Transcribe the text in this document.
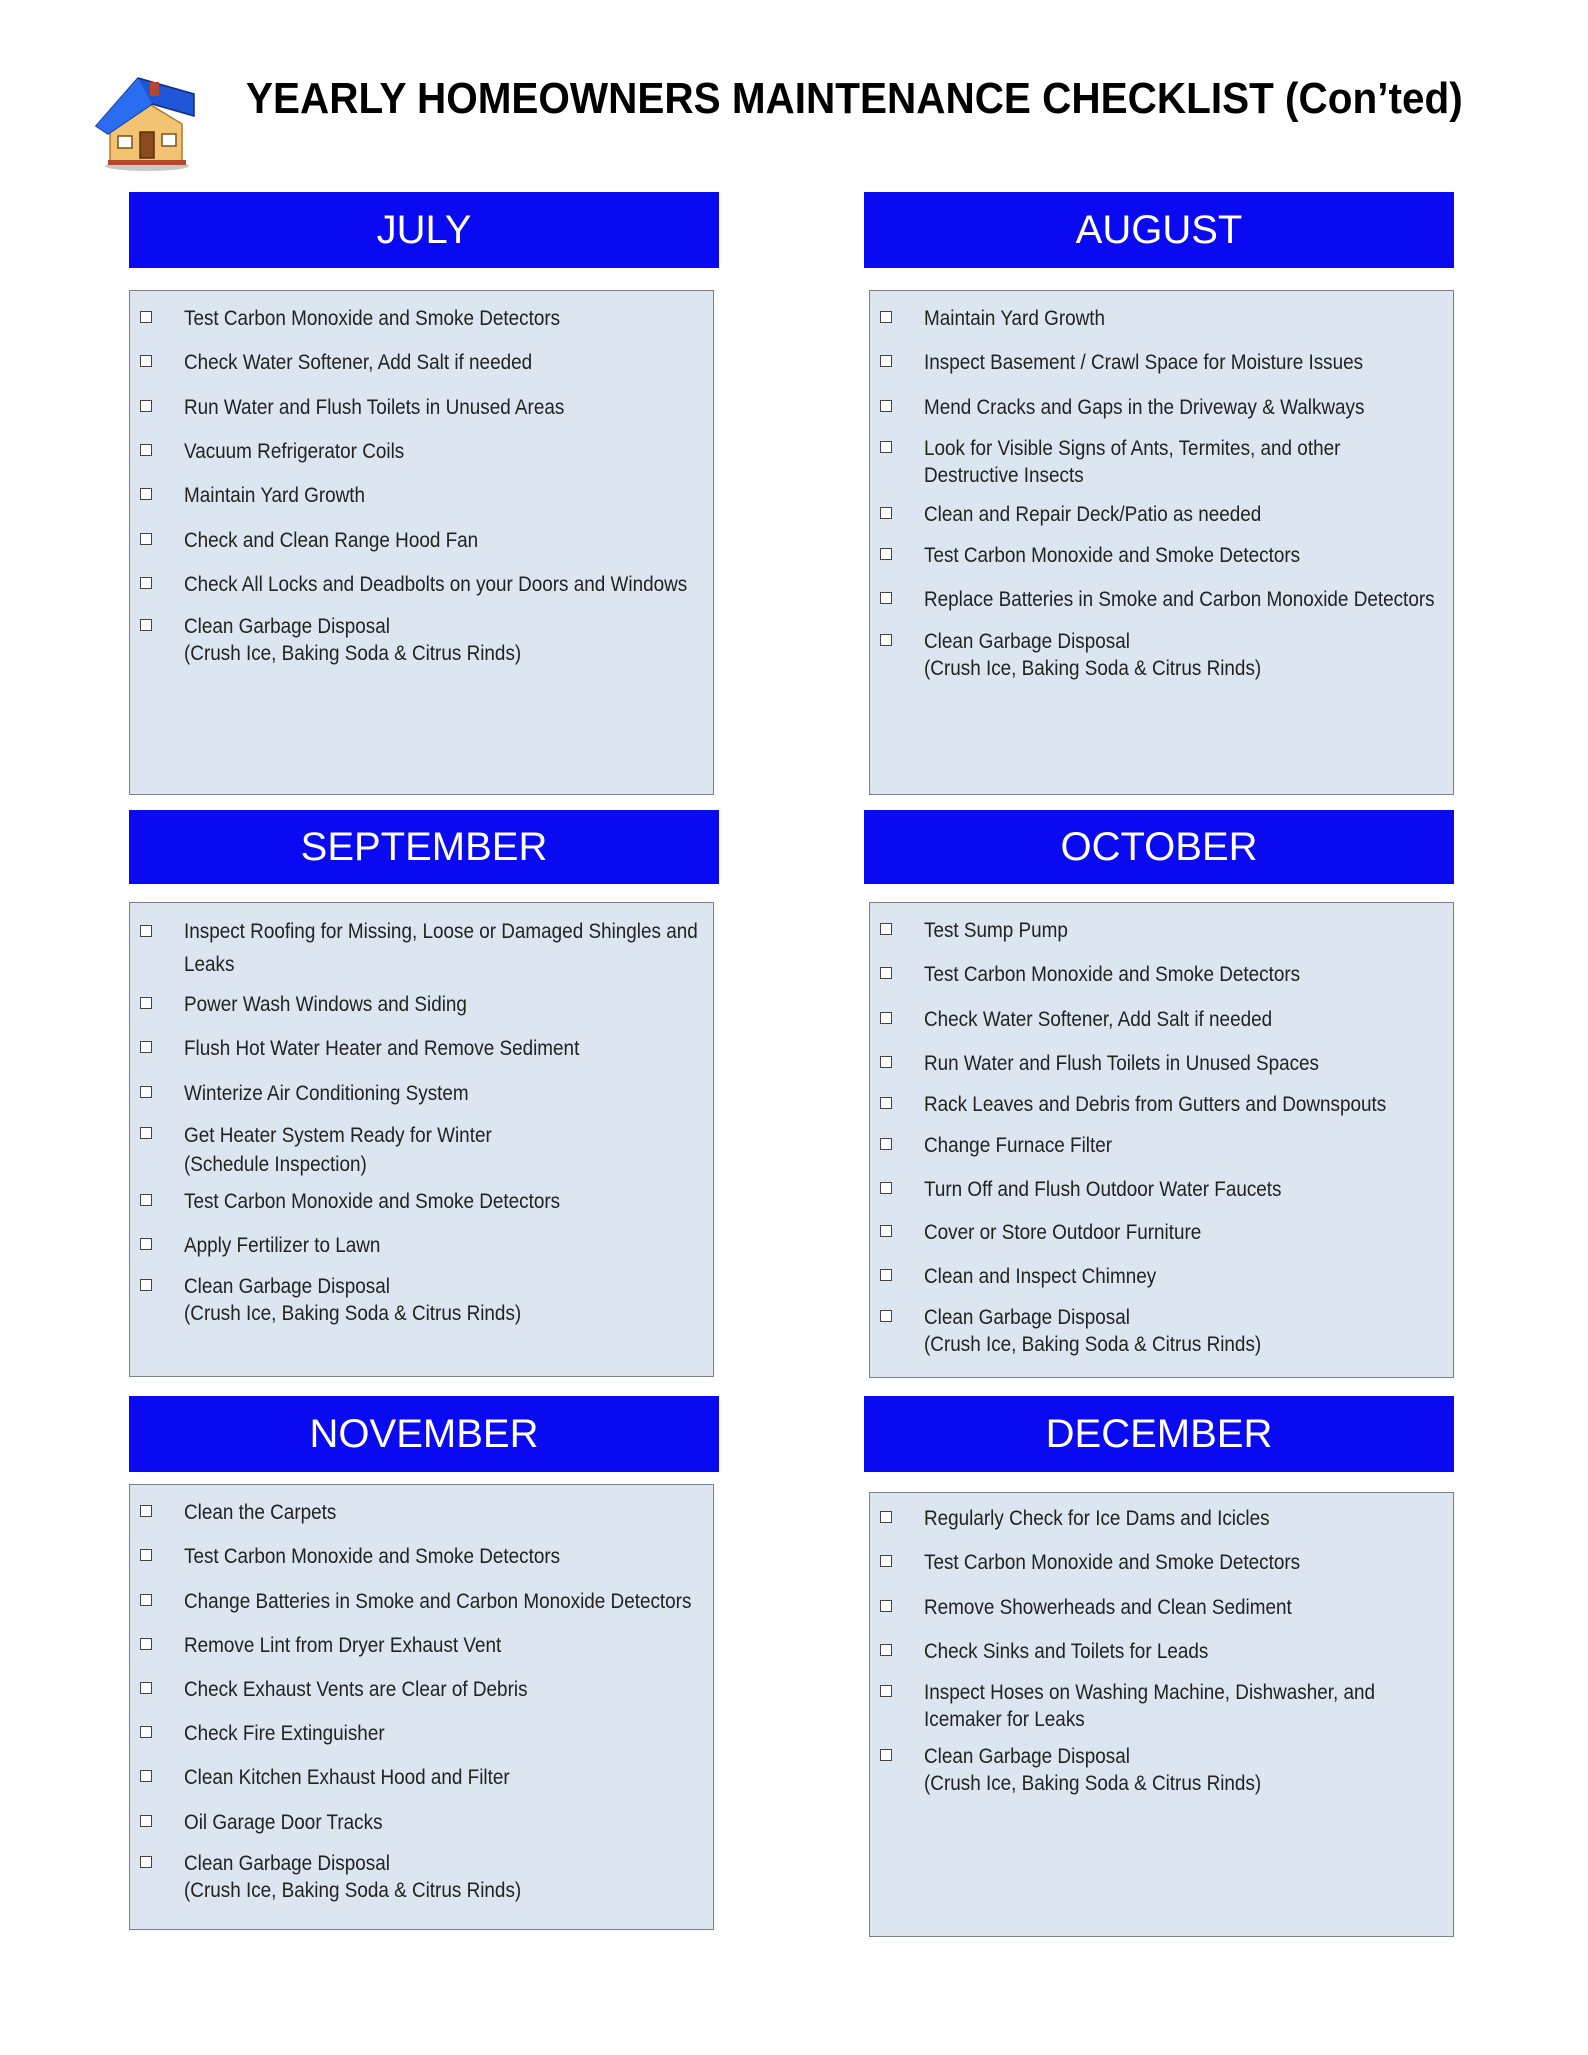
YEARLY HOMEOWNERS MAINTENANCE CHECKLIST (Con’ted)
JULY
Test Carbon Monoxide and Smoke Detectors
Check Water Softener, Add Salt if needed
Run Water and Flush Toilets in Unused Areas
Vacuum Refrigerator Coils
Maintain Yard Growth
Check and Clean Range Hood Fan
Check All Locks and Deadbolts on your Doors and Windows
Clean Garbage Disposal
(Crush Ice, Baking Soda & Citrus Rinds)
AUGUST
Maintain Yard Growth
Inspect Basement / Crawl Space for Moisture Issues
Mend Cracks and Gaps in the Driveway & Walkways
Look for Visible Signs of Ants, Termites, and other
Destructive Insects
Clean and Repair Deck/Patio as needed
Test Carbon Monoxide and Smoke Detectors
Replace Batteries in Smoke and Carbon Monoxide Detectors
Clean Garbage Disposal
(Crush Ice, Baking Soda & Citrus Rinds)
SEPTEMBER
Inspect Roofing for Missing, Loose or Damaged Shingles and
Leaks
Power Wash Windows and Siding
Flush Hot Water Heater and Remove Sediment
Winterize Air Conditioning System
Get Heater System Ready for Winter
(Schedule Inspection)
Test Carbon Monoxide and Smoke Detectors
Apply Fertilizer to Lawn
Clean Garbage Disposal
(Crush Ice, Baking Soda & Citrus Rinds)
OCTOBER
Test Sump Pump
Test Carbon Monoxide and Smoke Detectors
Check Water Softener, Add Salt if needed
Run Water and Flush Toilets in Unused Spaces
Rack Leaves and Debris from Gutters and Downspouts
Change Furnace Filter
Turn Off and Flush Outdoor Water Faucets
Cover or Store Outdoor Furniture
Clean and Inspect Chimney
Clean Garbage Disposal
(Crush Ice, Baking Soda & Citrus Rinds)
NOVEMBER
Clean the Carpets
Test Carbon Monoxide and Smoke Detectors
Change Batteries in Smoke and Carbon Monoxide Detectors
Remove Lint from Dryer Exhaust Vent
Check Exhaust Vents are Clear of Debris
Check Fire Extinguisher
Clean Kitchen Exhaust Hood and Filter
Oil Garage Door Tracks
Clean Garbage Disposal
(Crush Ice, Baking Soda & Citrus Rinds)
DECEMBER
Regularly Check for Ice Dams and Icicles
Test Carbon Monoxide and Smoke Detectors
Remove Showerheads and Clean Sediment
Check Sinks and Toilets for Leads
Inspect Hoses on Washing Machine, Dishwasher, and
Icemaker for Leaks
Clean Garbage Disposal
(Crush Ice, Baking Soda & Citrus Rinds)
